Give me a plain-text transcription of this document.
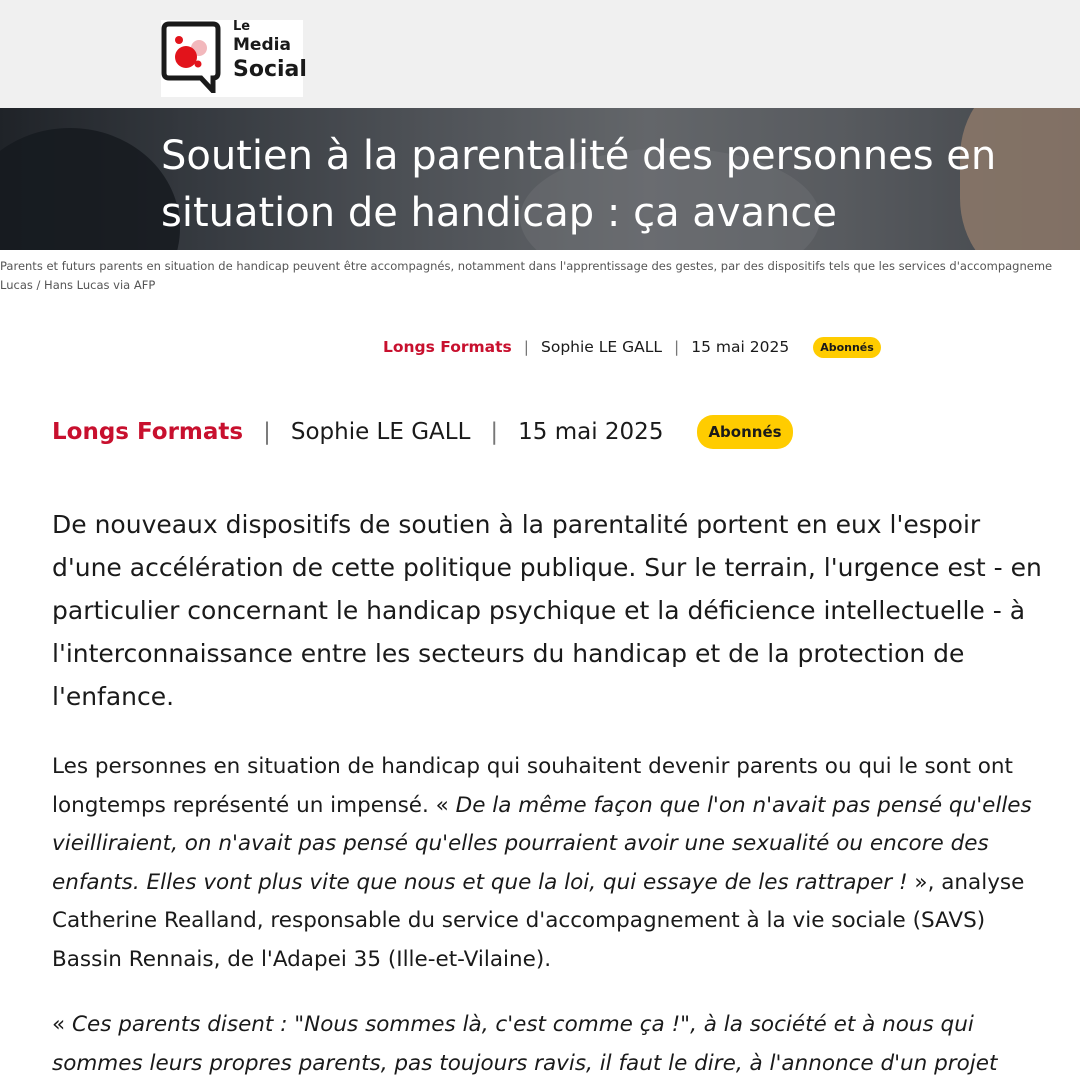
Le
Media
Social
Soutien à la parentalité des personnes en situation de handicap : ça avance
Parents et futurs parents en situation de handicap peuvent être accompagnés, notamment dans l'apprentissage des gestes, par des dispositifs tels que les services d'accompagneme
Lucas / Hans Lucas via AFP
Longs Formats | Sophie LE GALL | 15 mai 2025	Abonnés
Longs Formats | Sophie LE GALL | 15 mai 2025	Abonnés

De nouveaux dispositifs de soutien à la parentalité portent en eux l'espoir d'une accélération de cette politique publique. Sur le terrain, l'urgence est - en particulier concernant le handicap psychique et la déficience intellectuelle - à l'interconnaissance entre les secteurs du handicap et de la protection de l'enfance.

Les personnes en situation de handicap qui souhaitent devenir parents ou qui le sont ont longtemps représenté un impensé. « De la même façon que l'on n'avait pas pensé qu'elles vieilliraient, on n'avait pas pensé qu'elles pourraient avoir une sexualité ou encore des enfants. Elles vont plus vite que nous et que la loi, qui essaye de les rattraper ! », analyse Catherine Realland, responsable du service d'accompagnement à la vie sociale (SAVS) Bassin Rennais, de l'Adapei 35 (Ille-et-Vilaine).

« Ces parents disent : "Nous sommes là, c'est comme ça !", à la société et à nous qui sommes leurs propres parents, pas toujours ravis, il faut le dire, à l'annonce d'un projet
